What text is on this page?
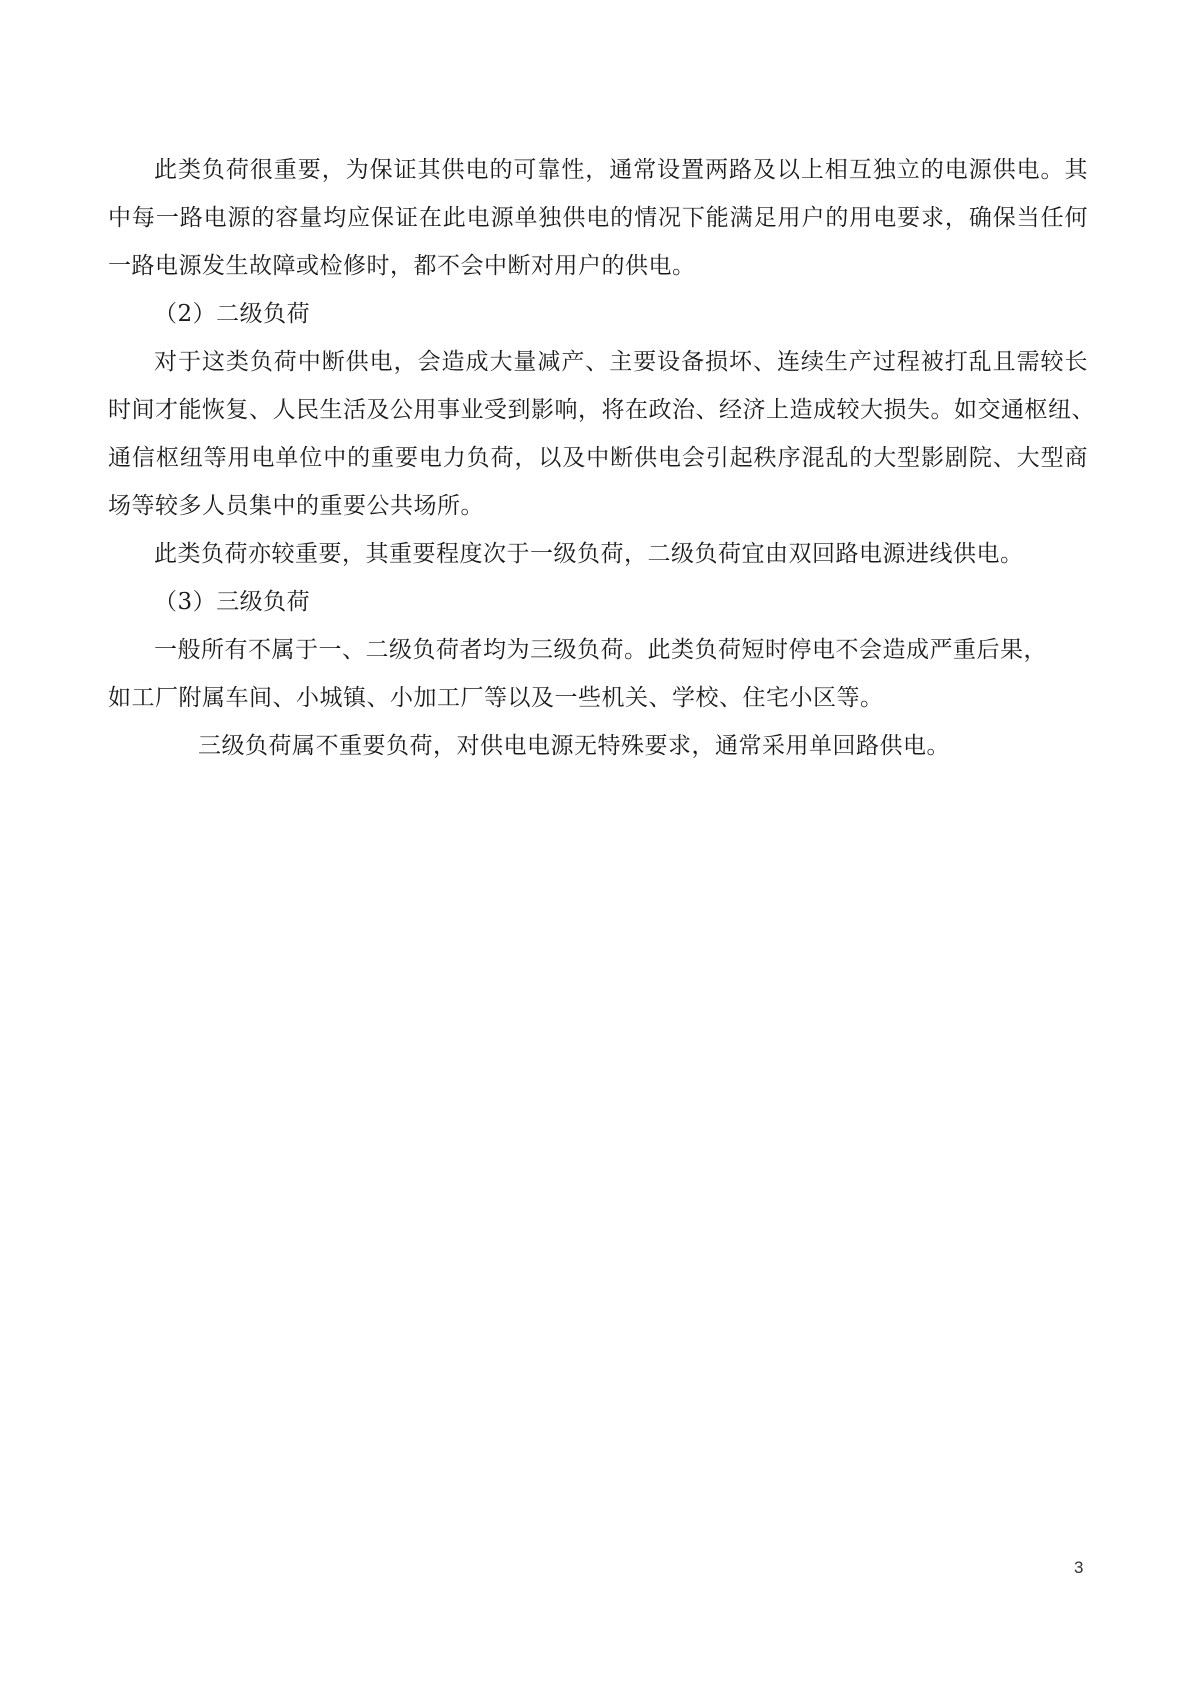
此类负荷很重要，为保证其供电的可靠性，通常设置两路及以上相互独立的电源供电。其
中每一路电源的容量均应保证在此电源单独供电的情况下能满足用户的用电要求，确保当任何
一路电源发生故障或检修时，都不会中断对用户的供电。
（2）二级负荷
对于这类负荷中断供电，会造成大量减产、主要设备损坏、连续生产过程被打乱且需较长
时间才能恢复、人民生活及公用事业受到影响，将在政治、经济上造成较大损失。如交通枢纽、
通信枢纽等用电单位中的重要电力负荷，以及中断供电会引起秩序混乱的大型影剧院、大型商
场等较多人员集中的重要公共场所。
此类负荷亦较重要，其重要程度次于一级负荷，二级负荷宜由双回路电源进线供电。
（3）三级负荷
一般所有不属于一、二级负荷者均为三级负荷。此类负荷短时停电不会造成严重后果，
如工厂附属车间、小城镇、小加工厂等以及一些机关、学校、住宅小区等。
三级负荷属不重要负荷，对供电电源无特殊要求，通常采用单回路供电。
3
